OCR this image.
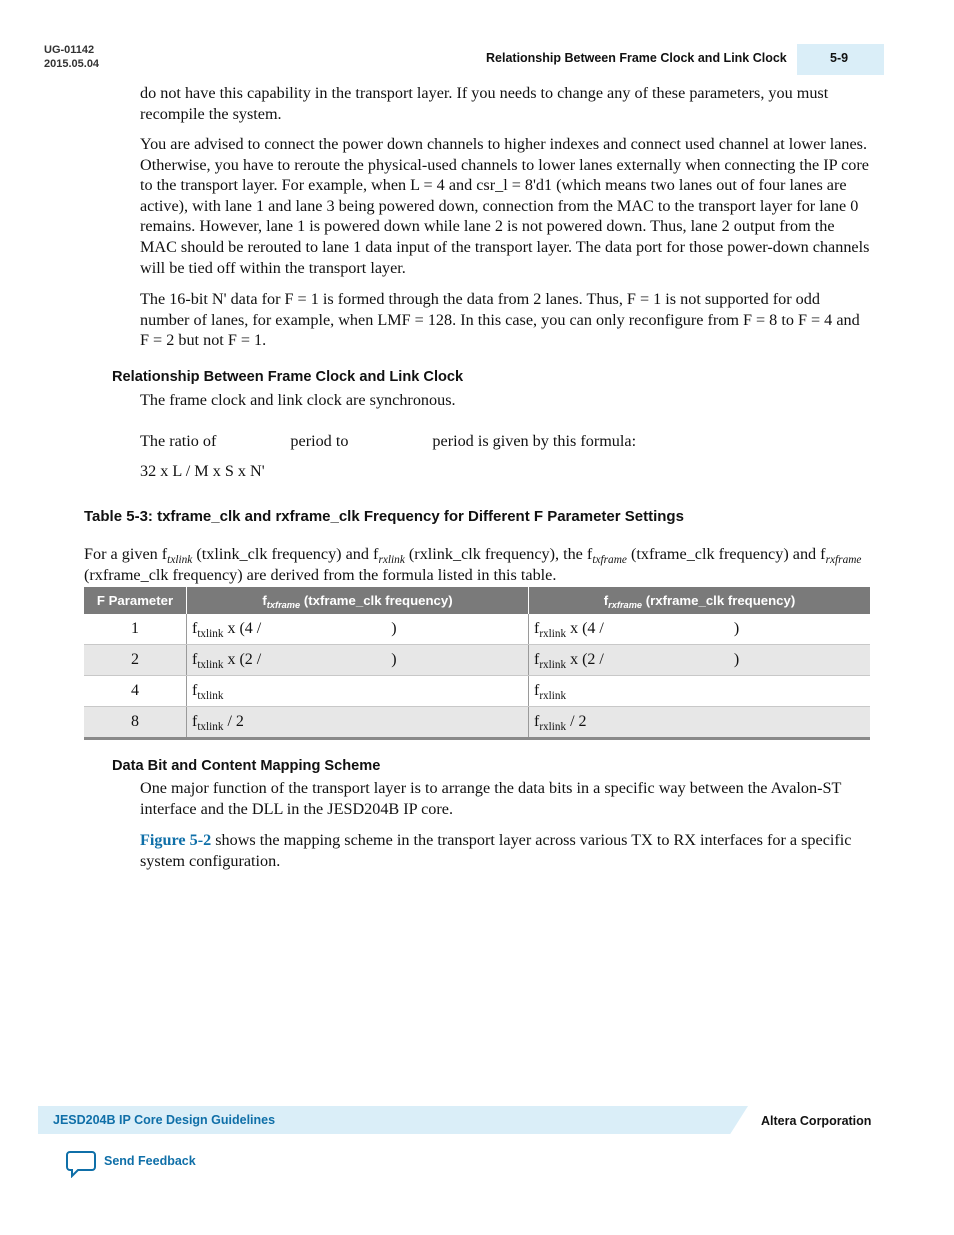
UG-01142
2015.05.04	Relationship Between Frame Clock and Link Clock	5-9

do not have this capability in the transport layer. If you needs to change any of these parameters, you must recompile the system.

You are advised to connect the power down channels to higher indexes and connect used channel at lower lanes. Otherwise, you have to reroute the physical-used channels to lower lanes externally when connecting the IP core to the transport layer. For example, when L = 4 and csr_l = 8'd1 (which means two lanes out of four lanes are active), with lane 1 and lane 3 being powered down, connection from the MAC to the transport layer for lane 0 remains. However, lane 1 is powered down while lane 2 is not powered down. Thus, lane 2 output from the MAC should be rerouted to lane 1 data input of the transport layer. The data port for those power-down channels will be tied off within the transport layer.

The 16-bit N' data for F = 1 is formed through the data from 2 lanes. Thus, F = 1 is not supported for odd number of lanes, for example, when LMF = 128. In this case, you can only reconfigure from F = 8 to F = 4 and F = 2 but not F = 1.

Relationship Between Frame Clock and Link Clock

The frame clock and link clock are synchronous.

The ratio of	period to	period is given by this formula:

32 x L / M x S x N'

Table 5-3: txframe_clk and rxframe_clk Frequency for Different F Parameter Settings

For a given $f_{txlink}$ (txlink_clk frequency) and $f_{rxlink}$ (rxlink_clk frequency), the $f_{txframe}$ (txframe_clk frequency) and $f_{rxframe}$ (rxframe_clk frequency) are derived from the formula listed in this table.

F Parameter	$f_{txframe}$ (txframe_clk frequency)	$f_{rxframe}$ (rxframe_clk frequency)
1	$f_{txlink}$ x (4 / )	$f_{rxlink}$ x (4 / )
2	$f_{txlink}$ x (2 / )	$f_{rxlink}$ x (2 / )
4	$f_{txlink}$	$f_{rxlink}$
8	$f_{txlink} / 2$	$f_{rxlink} / 2$
Data Bit and Content Mapping Scheme

One major function of the transport layer is to arrange the data bits in a specific way between the Avalon-ST interface and the DLL in the JESD204B IP core.

Figure 5-2 shows the mapping scheme in the transport layer across various TX to RX interfaces for a specific system configuration.

JESD204B IP Core Design Guidelines	Altera Corporation
Send Feedback
